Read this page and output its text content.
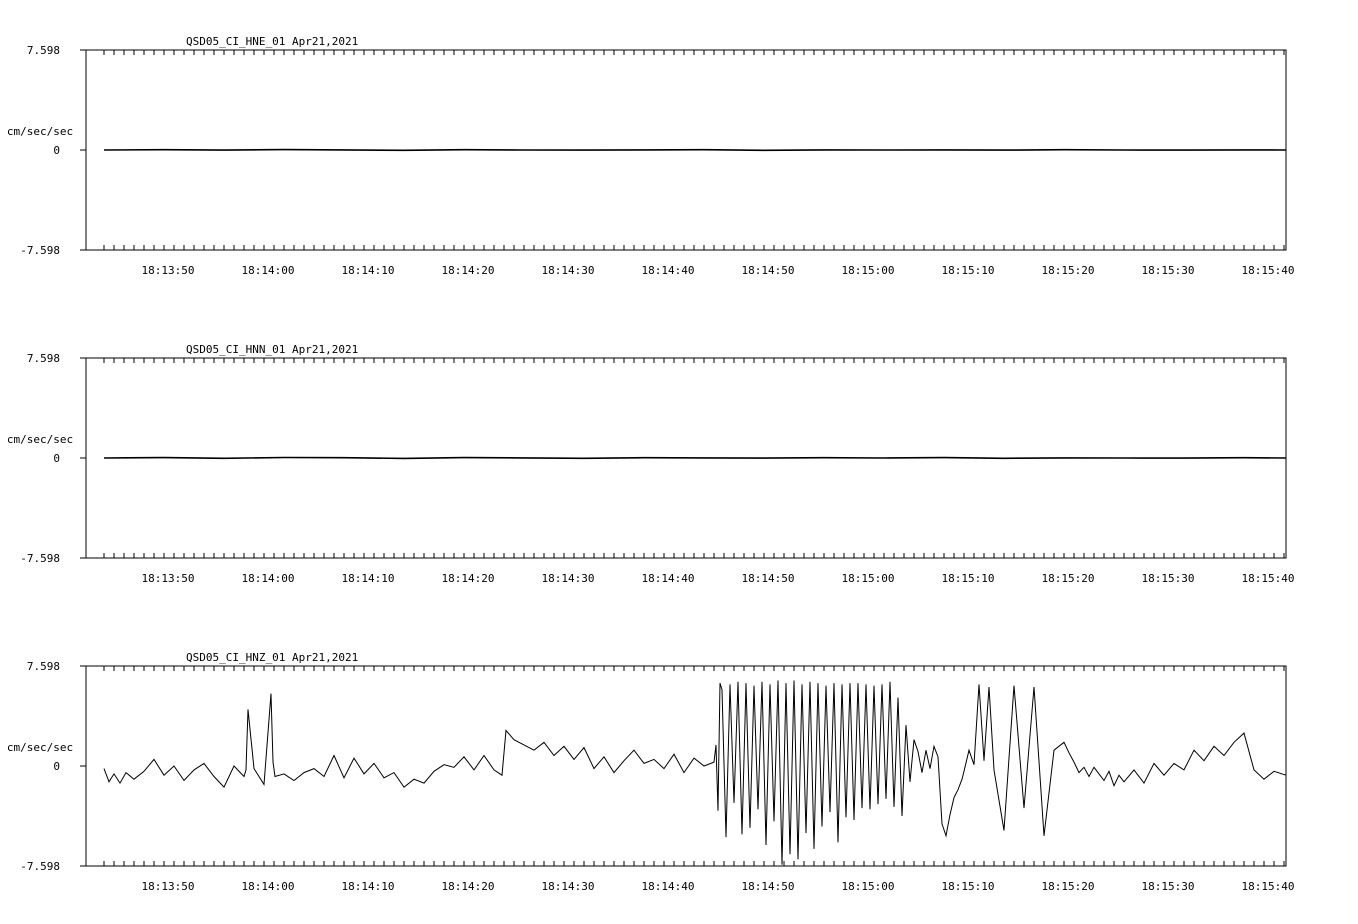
7.598
0
-7.598
cm/sec/sec
QSD05_CI_HNE_01 Apr21,2021
18:13:50	18:14:00	18:14:10	18:14:20	18:14:30	18:14:40	18:14:50	18:15:00	18:15:10	18:15:20	18:15:30	18:15:40
7.598
0
-7.598
cm/sec/sec
QSD05_CI_HNN_01 Apr21,2021
18:13:50	18:14:00	18:14:10	18:14:20	18:14:30	18:14:40	18:14:50	18:15:00	18:15:10	18:15:20	18:15:30	18:15:40
7.598
0
-7.598
cm/sec/sec
QSD05_CI_HNZ_01 Apr21,2021
18:13:50	18:14:00	18:14:10	18:14:20	18:14:30	18:14:40	18:14:50	18:15:00	18:15:10	18:15:20	18:15:30	18:15:40
